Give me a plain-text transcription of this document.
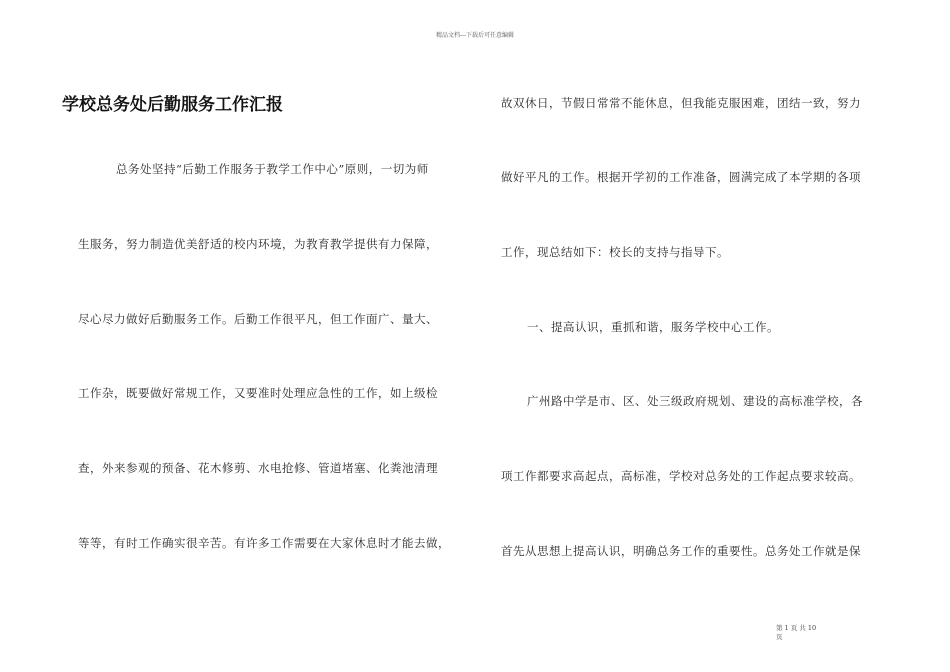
精品文档---下载后可任意编辑
学校总务处后勤服务工作汇报
总务处坚持“后勤工作服务于教学工作中心”原则，一切为师
生服务，努力制造优美舒适的校内环境，为教育教学提供有力保障，
尽心尽力做好后勤服务工作。后勤工作很平凡，但工作面广、量大、
工作杂，既要做好常规工作，又要准时处理应急性的工作，如上级检
查，外来参观的预备、花木修剪、水电抢修、管道堵塞、化粪池清理
等等，有时工作确实很辛苦。有许多工作需要在大家休息时才能去做，
故双休日，节假日常常不能休息，但我能克服困难，团结一致，努力
做好平凡的工作。根据开学初的工作准备，圆满完成了本学期的各项
工作，现总结如下：校长的支持与指导下。
一、提高认识，重抓和谐，服务学校中心工作。
广州路中学是市、区、处三级政府规划、建设的高标准学校，各
项工作都要求高起点，高标准，学校对总务处的工作起点要求较高。
首先从思想上提高认识，明确总务工作的重要性。总务处工作就是保
第 1 页 共 10
页
